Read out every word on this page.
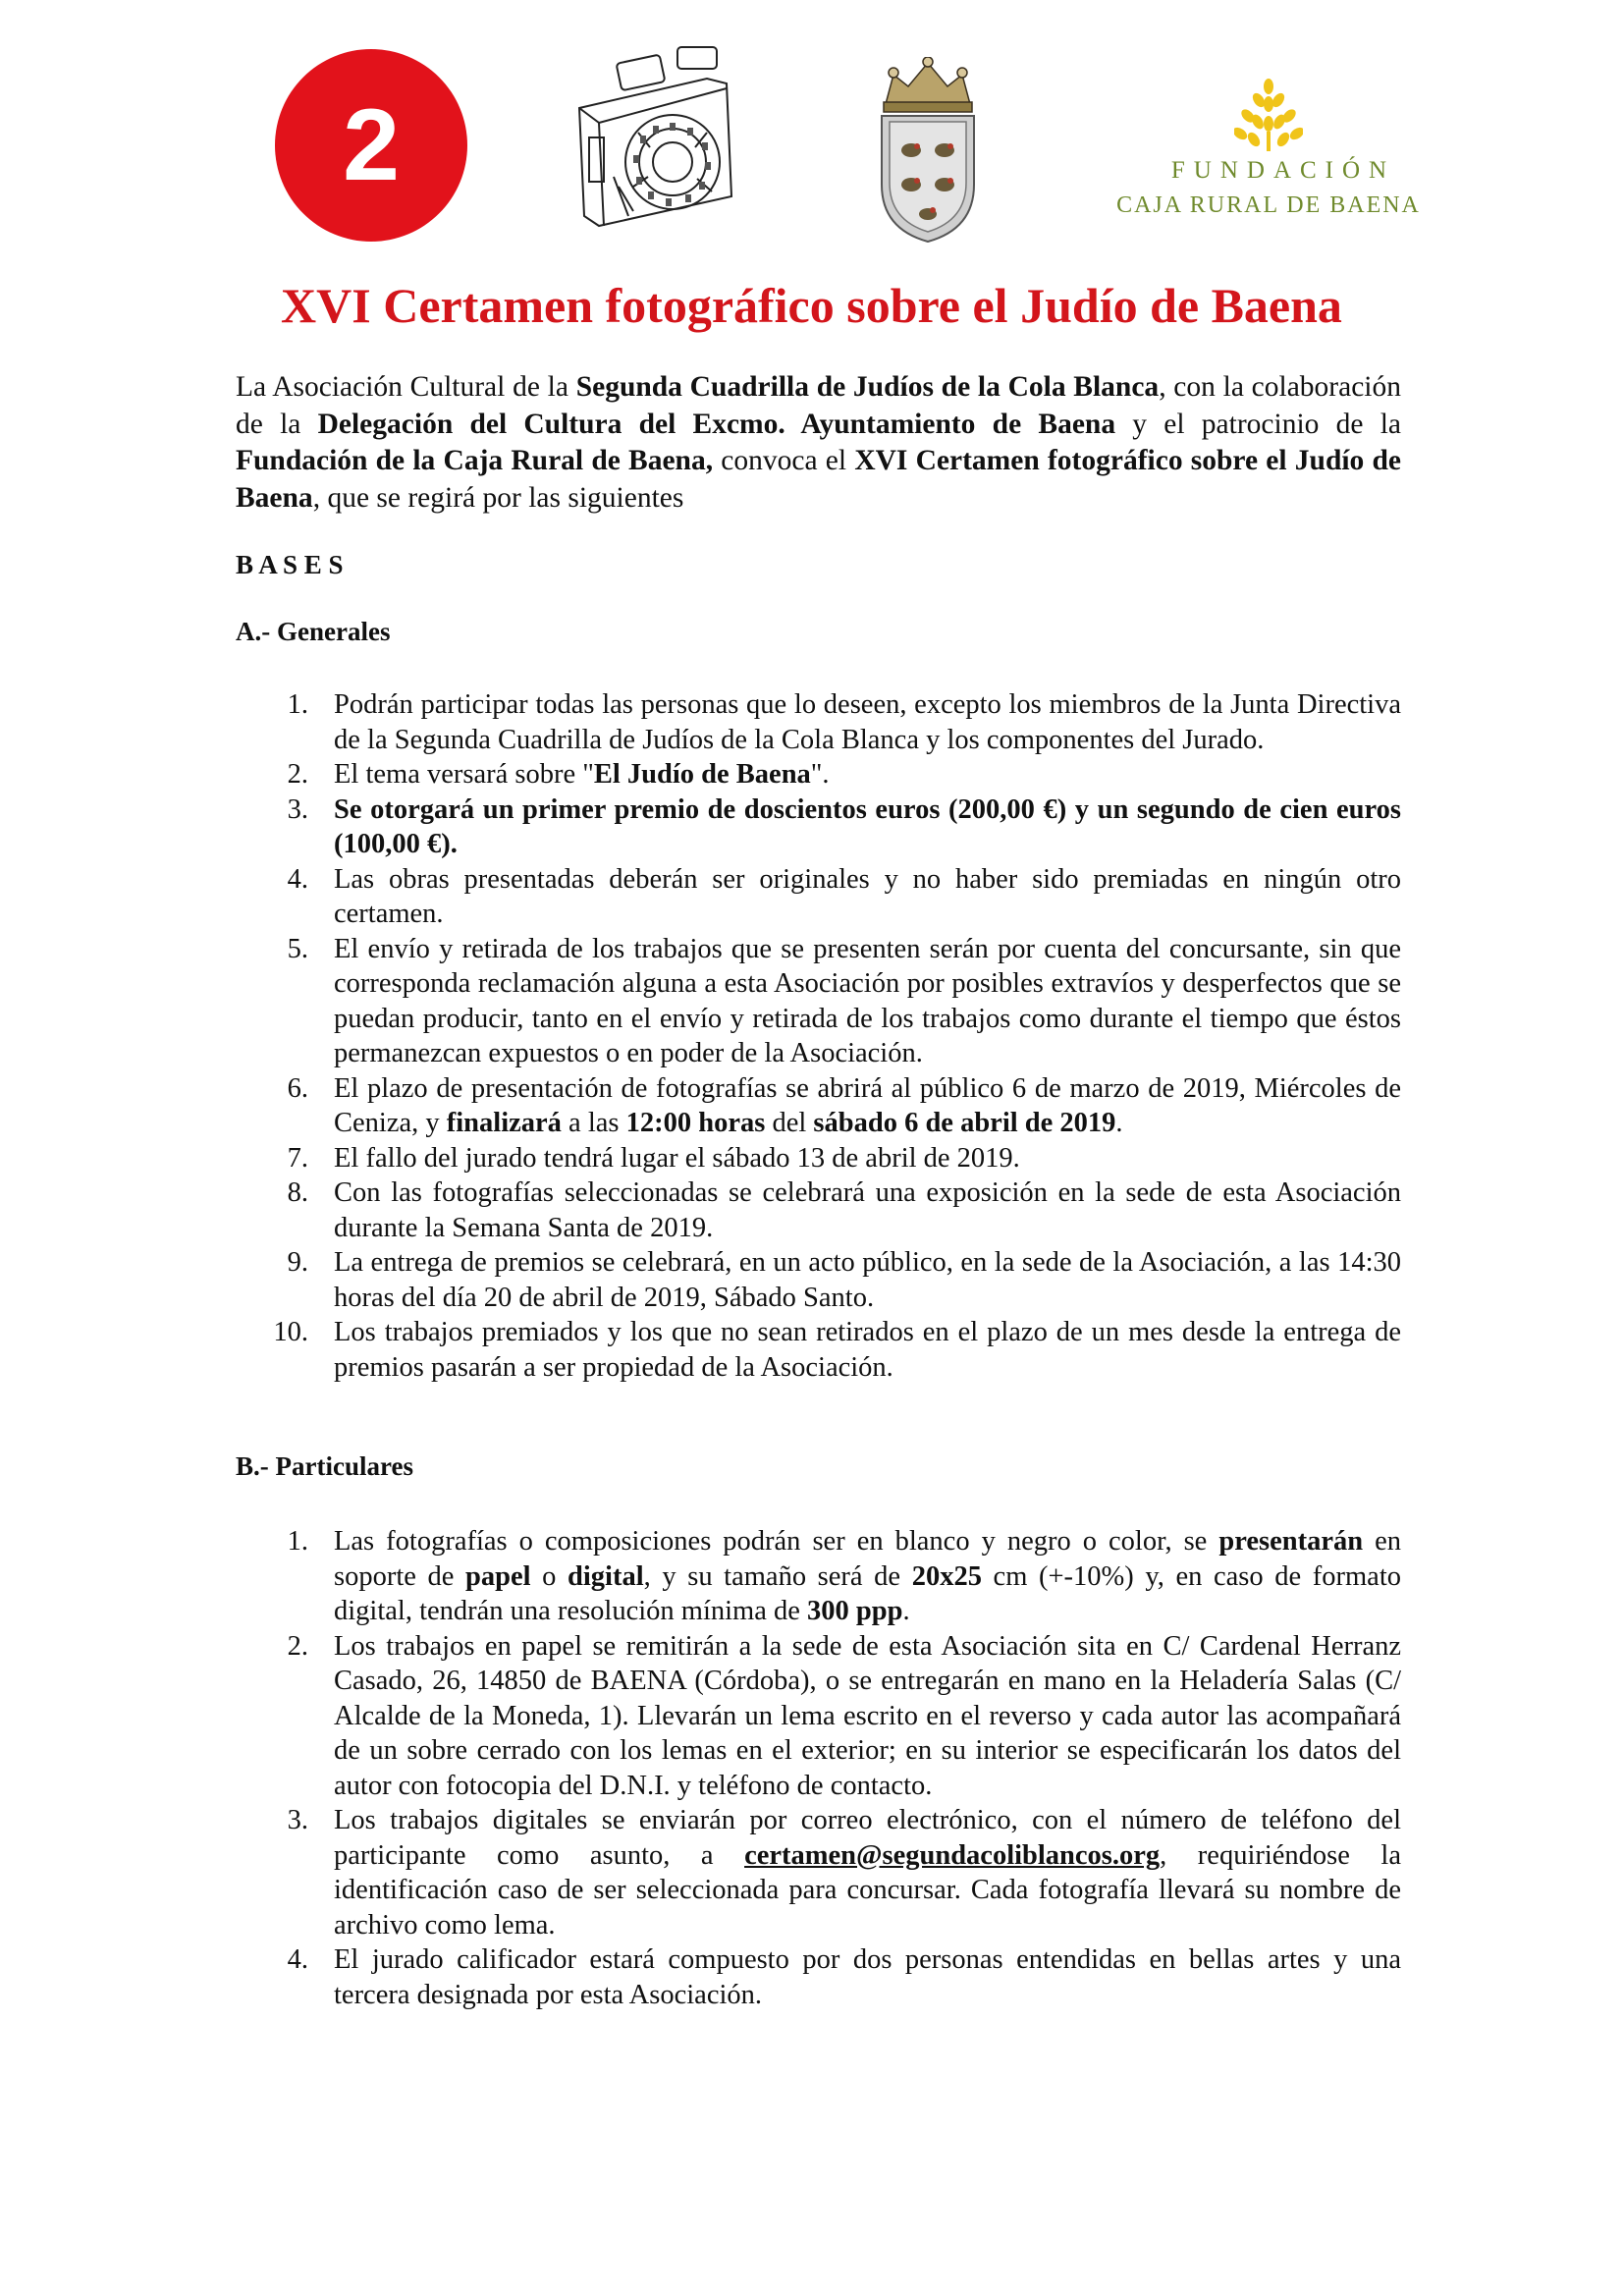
2	FUNDACIÓN
CAJA RURAL DE BAENA
XVI Certamen fotográfico sobre el Judío de Baena

La Asociación Cultural de la Segunda Cuadrilla de Judíos de la Cola Blanca, con la colaboración de la Delegación del Cultura del Excmo. Ayuntamiento de Baena y el patrocinio de la Fundación de la Caja Rural de Baena, convoca el XVI Certamen fotográfico sobre el Judío de Baena, que se regirá por las siguientes

B A S E S
A.- Generales
1. Podrán participar todas las personas que lo deseen, excepto los miembros de la Junta Directiva de la Segunda Cuadrilla de Judíos de la Cola Blanca y los componentes del Jurado.
2. El tema versará sobre "El Judío de Baena".
3. Se otorgará un primer premio de doscientos euros (200,00 €) y un segundo de cien euros (100,00 €).
4. Las obras presentadas deberán ser originales y no haber sido premiadas en ningún otro certamen.
5. El envío y retirada de los trabajos que se presenten serán por cuenta del concursante, sin que corresponda reclamación alguna a esta Asociación por posibles extravíos y desperfectos que se puedan producir, tanto en el envío y retirada de los trabajos como durante el tiempo que éstos permanezcan expuestos o en poder de la Asociación.
6. El plazo de presentación de fotografías se abrirá al público 6 de marzo de 2019, Miércoles de Ceniza, y finalizará a las 12:00 horas del sábado 6 de abril de 2019.
7. El fallo del jurado tendrá lugar el sábado 13 de abril de 2019.
8. Con las fotografías seleccionadas se celebrará una exposición en la sede de esta Asociación durante la Semana Santa de 2019.
9. La entrega de premios se celebrará, en un acto público, en la sede de la Asociación, a las 14:30 horas del día 20 de abril de 2019, Sábado Santo.
10. Los trabajos premiados y los que no sean retirados en el plazo de un mes desde la entrega de premios pasarán a ser propiedad de la Asociación.
B.- Particulares
1. Las fotografías o composiciones podrán ser en blanco y negro o color, se presentarán en soporte de papel o digital, y su tamaño será de 20x25 cm (+-10%) y, en caso de formato digital, tendrán una resolución mínima de 300 ppp.
2. Los trabajos en papel se remitirán a la sede de esta Asociación sita en C/ Cardenal Herranz Casado, 26, 14850 de BAENA (Córdoba), o se entregarán en mano en la Heladería Salas (C/ Alcalde de la Moneda, 1). Llevarán un lema escrito en el reverso y cada autor las acompañará de un sobre cerrado con los lemas en el exterior; en su interior se especificarán los datos del autor con fotocopia del D.N.I. y teléfono de contacto.
3. Los trabajos digitales se enviarán por correo electrónico, con el número de teléfono del participante como asunto, a certamen@segundacoliblancos.org, requiriéndose la identificación caso de ser seleccionada para concursar. Cada fotografía llevará su nombre de archivo como lema.
4. El jurado calificador estará compuesto por dos personas entendidas en bellas artes y una tercera designada por esta Asociación.
